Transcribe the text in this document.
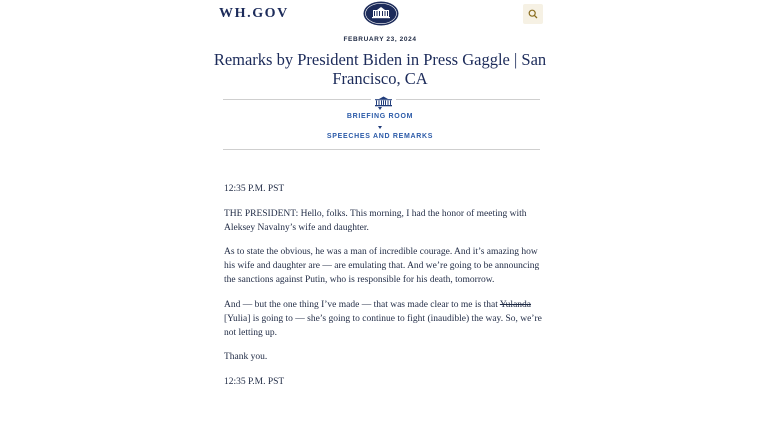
WH.GOV
FEBRUARY 23, 2024
Remarks by President Biden in Press Gaggle | San Francisco, CA
BRIEFING ROOM
SPEECHES AND REMARKS

12:35 P.M. PST

THE PRESIDENT: Hello, folks. This morning, I had the honor of meeting with Aleksey Navalny’s wife and daughter.

As to state the obvious, he was a man of incredible courage. And it’s amazing how his wife and daughter are — are emulating that. And we’re going to be announcing the sanctions against Putin, who is responsible for his death, tomorrow.

And — but the one thing I’ve made — that was made clear to me is that Yulanda [Yulia] is going to — she’s going to continue to fight (inaudible) the way. So, we’re not letting up.

Thank you.

12:35 P.M. PST
